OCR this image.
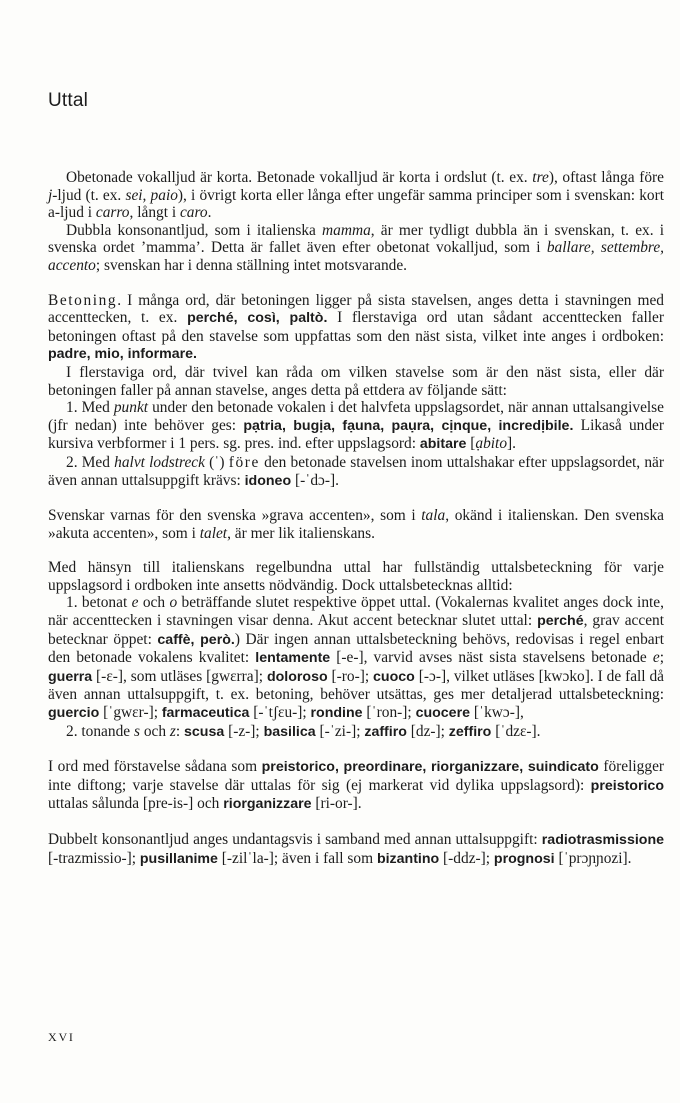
Uttal

Obetonade vokalljud är korta. Betonade vokalljud är korta i ordslut (t. ex. tre), oftast långa före j-ljud (t. ex. sei, paio), i övrigt korta eller långa efter ungefär samma principer som i svenskan: kort a-ljud i carro, långt i caro.

Dubbla konsonantljud, som i italienska mamma, är mer tydligt dubbla än i svenskan, t. ex. i svenska ordet ’mamma’. Detta är fallet även efter obetonat vokalljud, som i ballare, settembre, accento; svenskan har i denna ställning intet motsvarande.

Betoning. I många ord, där betoningen ligger på sista stavelsen, anges detta i stavningen med accenttecken, t. ex. perché, così, paltò. I flerstaviga ord utan sådant accenttecken faller betoningen oftast på den stavelse som uppfattas som den näst sista, vilket inte anges i ordboken: padre, mio, informare.

I flerstaviga ord, där tvivel kan råda om vilken stavelse som är den näst sista, eller där betoningen faller på annan stavelse, anges detta på ettdera av följande sätt:

1. Med punkt under den betonade vokalen i det halvfeta uppslagsordet, när annan uttalsangivelse (jfr nedan) inte behöver ges: pạtria, bugịa, fạuna, paụra, cịnque, incredịbile. Likaså under kursiva verbformer i 1 pers. sg. pres. ind. efter uppslagsord: abitare [ạbito].

2. Med halvt lodstreck (ˈ) före den betonade stavelsen inom uttalshakar efter uppslagsordet, när även annan uttalsuppgift krävs: idoneo [-ˈdɔ-].

Svenskar varnas för den svenska »grava accenten», som i tala, okänd i italienskan. Den svenska »akuta accenten», som i talet, är mer lik italienskans.

Med hänsyn till italienskans regelbundna uttal har fullständig uttalsbeteckning för varje uppslagsord i ordboken inte ansetts nödvändig. Dock uttalsbetecknas alltid:

1. betonat e och o beträffande slutet respektive öppet uttal. (Vokalernas kvalitet anges dock inte, när accenttecken i stavningen visar denna. Akut accent betecknar slutet uttal: perché, grav accent betecknar öppet: caffè, però.) Där ingen annan uttalsbeteckning behövs, redovisas i regel enbart den betonade vokalens kvalitet: lentamente [-e-], varvid avses näst sista stavelsens betonade e; guerra [-ɛ-], som utläses [gwɛrra]; doloroso [-ro-]; cuoco [-ɔ-], vilket utläses [kwɔko]. I de fall då även annan uttalsuppgift, t. ex. betoning, behöver utsättas, ges mer detaljerad uttalsbeteckning: guercio [ˈgwɛr-]; farmaceutica [-ˈtʃɛu-]; rondine [ˈron-]; cuocere [ˈkwɔ-],

2. tonande s och z: scusa [-z-]; basilica [-ˈzi-]; zaffiro [dz-]; zeffiro [ˈdzɛ-].

I ord med förstavelse sådana som preistorico, preordinare, riorganizzare, suindicato föreligger inte diftong; varje stavelse där uttalas för sig (ej markerat vid dylika uppslagsord): preistorico uttalas sålunda [pre-is-] och riorganizzare [ri-or-].

Dubbelt konsonantljud anges undantagsvis i samband med annan uttalsuppgift: radiotrasmissione [-trazmissio-]; pusillanime [-zilˈla-]; även i fall som bizantino [-ddz-]; prognosi [ˈprɔɲɲozi].

XVI
